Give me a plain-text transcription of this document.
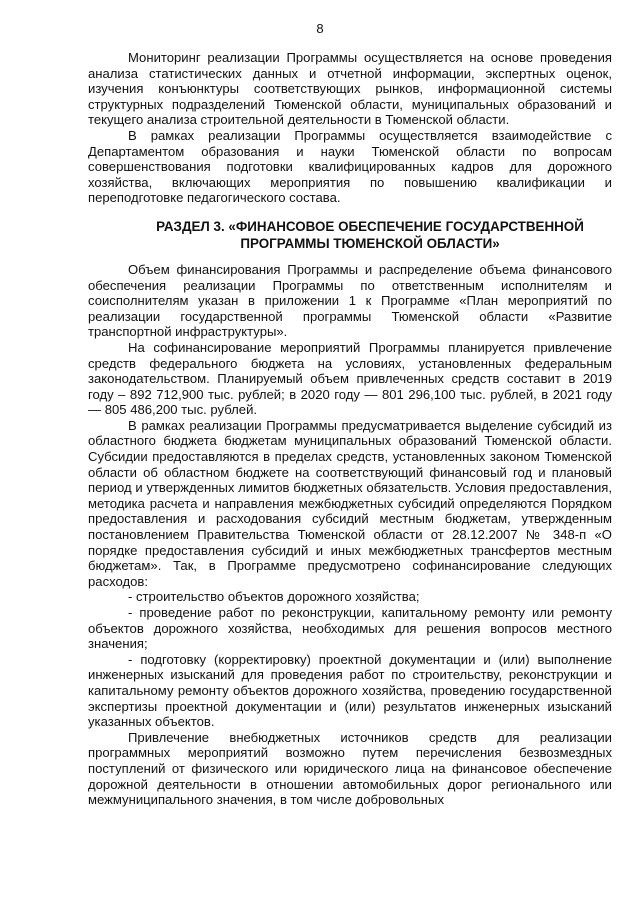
8

Мониторинг реализации Программы осуществляется на основе проведения анализа статистических данных и отчетной информации, экспертных оценок, изучения конъюнктуры соответствующих рынков, информационной системы структурных подразделений Тюменской области, муниципальных образований и текущего анализа строительной деятельности в Тюменской области.

В рамках реализации Программы осуществляется взаимодействие с Департаментом образования и науки Тюменской области по вопросам совершенствования подготовки квалифицированных кадров для дорожного хозяйства, включающих мероприятия по повышению квалификации и переподготовке педагогического состава.

РАЗДЕЛ 3. «ФИНАНСОВОЕ ОБЕСПЕЧЕНИЕ ГОСУДАРСТВЕННОЙ ПРОГРАММЫ ТЮМЕНСКОЙ ОБЛАСТИ»

Объем финансирования Программы и распределение объема финансового обеспечения реализации Программы по ответственным исполнителям и соисполнителям указан в приложении 1 к Программе «План мероприятий по реализации государственной программы Тюменской области «Развитие транспортной инфраструктуры».

На софинансирование мероприятий Программы планируется привлечение средств федерального бюджета на условиях, установленных федеральным законодательством. Планируемый объем привлеченных средств составит в 2019 году – 892 712,900 тыс. рублей; в 2020 году — 801 296,100 тыс. рублей, в 2021 году — 805 486,200 тыс. рублей.

В рамках реализации Программы предусматривается выделение субсидий из областного бюджета бюджетам муниципальных образований Тюменской области. Субсидии предоставляются в пределах средств, установленных законом Тюменской области об областном бюджете на соответствующий финансовый год и плановый период и утвержденных лимитов бюджетных обязательств. Условия предоставления, методика расчета и направления межбюджетных субсидий определяются Порядком предоставления и расходования субсидий местным бюджетам, утвержденным постановлением Правительства Тюменской области от 28.12.2007 № 348-п «О порядке предоставления субсидий и иных межбюджетных трансфертов местным бюджетам». Так, в Программе предусмотрено софинансирование следующих расходов:

- строительство объектов дорожного хозяйства;

- проведение работ по реконструкции, капитальному ремонту или ремонту объектов дорожного хозяйства, необходимых для решения вопросов местного значения;

- подготовку (корректировку) проектной документации и (или) выполнение инженерных изысканий для проведения работ по строительству, реконструкции и капитальному ремонту объектов дорожного хозяйства, проведению государственной экспертизы проектной документации и (или) результатов инженерных изысканий указанных объектов.

Привлечение внебюджетных источников средств для реализации программных мероприятий возможно путем перечисления безвозмездных поступлений от физического или юридического лица на финансовое обеспечение дорожной деятельности в отношении автомобильных дорог регионального или межмуниципального значения, в том числе добровольных
